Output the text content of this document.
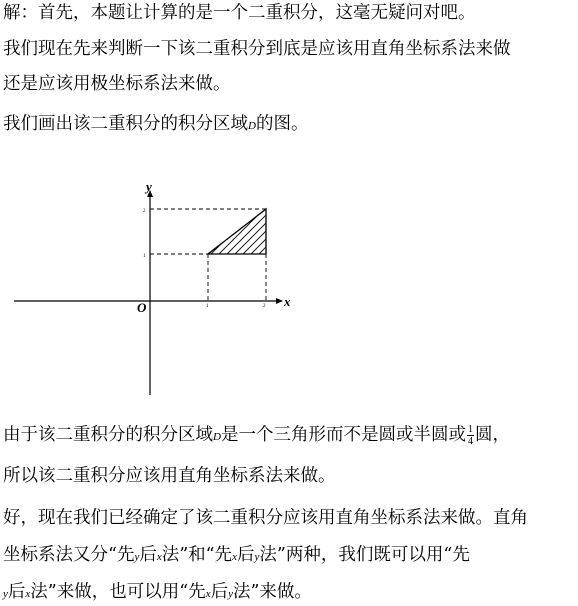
解：首先，本题让计算的是一个二重积分，这毫无疑问对吧。
我们现在先来判断一下该二重积分到底是应该用直角坐标系法来做
还是应该用极坐标系法来做。
我们画出该二重积分的积分区域D的图。
x
y
O	1	2
1
2
由于该二重积分的积分区域D是一个三角形而不是圆或半圆或 $\frac{1}{4}$ 圆，
所以该二重积分应该用直角坐标系法来做。
好，现在我们已经确定了该二重积分应该用直角坐标系法来做。直角
坐标系法又分“先y后x法”和“先x后y法”两种，我们既可以用“先
y后x法”来做，也可以用“先x后y法”来做。
